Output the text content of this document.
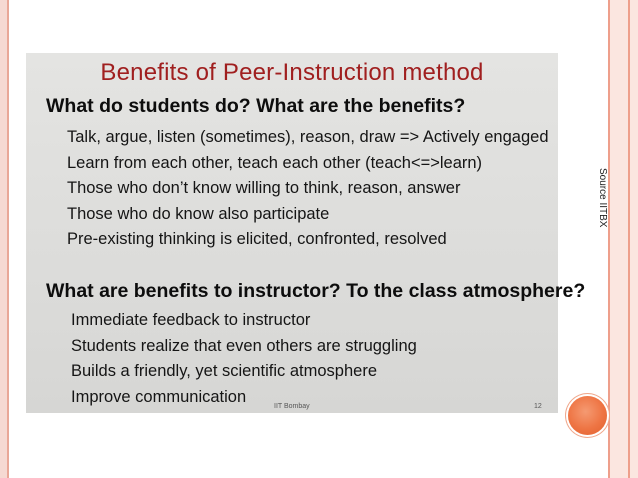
Benefits of Peer-Instruction method
What do students do? What are the benefits?
Talk, argue, listen (sometimes), reason, draw => Actively engaged
Learn from each other, teach each other (teach<=>learn)
Those who don’t know willing to think, reason, answer
Those who do know also participate
Pre-existing thinking is elicited, confronted, resolved
What are benefits to instructor? To the class atmosphere?
Immediate feedback to instructor
Students realize that even others are struggling
Builds a friendly, yet scientific atmosphere
Improve communication
IIT Bombay	12
Source IITBX
